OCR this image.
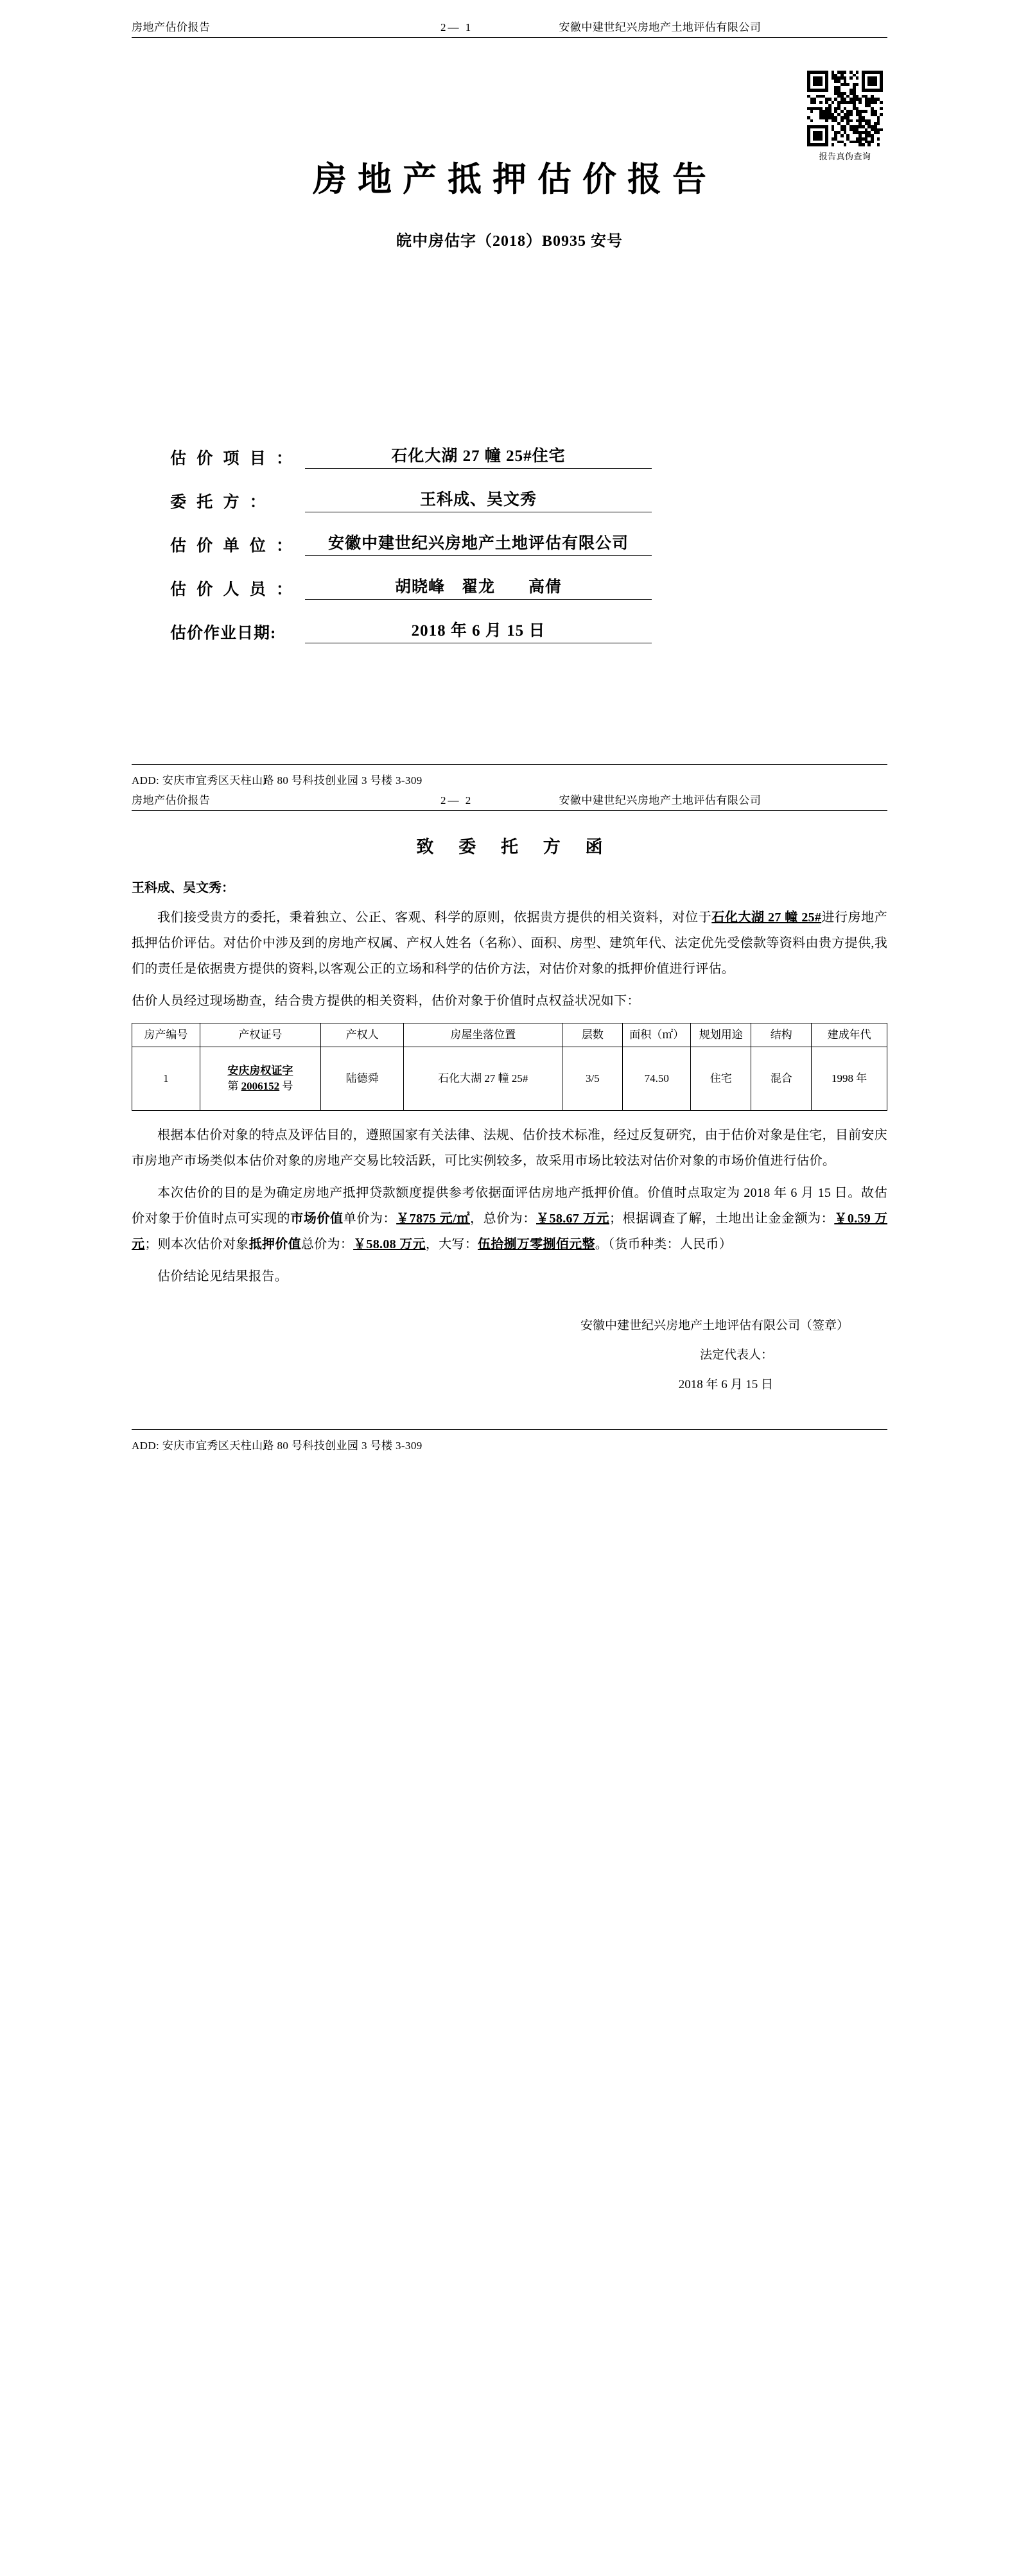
房地产估价报告	2— 1	安徽中建世纪兴房地产土地评估有限公司
报告真伪查询
房地产抵押估价报告
皖中房估字（2018）B0935 安号
估 价 项 目 ：	石化大湖 27 幢 25#住宅
委 托 方 ：	王科成、吴文秀
估 价 单 位 ：	安徽中建世纪兴房地产土地评估有限公司
估 价 人 员 ：	胡晓峰　翟龙　　高倩
估价作业日期:	2018 年 6 月 15 日
ADD: 安庆市宜秀区天柱山路 80 号科技创业园 3 号楼 3-309
房地产估价报告	2— 2	安徽中建世纪兴房地产土地评估有限公司
致 委 托 方 函
王科成、吴文秀：

我们接受贵方的委托，秉着独立、公正、客观、科学的原则，依据贵方提供的相关资料，对位于石化大湖 27 幢 25#进行房地产抵押估价评估。对估价中涉及到的房地产权属、产权人姓名（名称）、面积、房型、建筑年代、法定优先受偿款等资料由贵方提供,我们的责任是依据贵方提供的资料,以客观公正的立场和科学的估价方法，对估价对象的抵押价值进行评估。

估价人员经过现场勘查，结合贵方提供的相关资料，估价对象于价值时点权益状况如下：

房产编号	产权证号	产权人	房屋坐落位置	层数	面积（㎡）	规划用途	结构	建成年代
1	安庆房权证字
第 2006152 号	陆德舜	石化大湖 27 幢 25#	3/5	74.50	住宅	混合	1998 年

根据本估价对象的特点及评估目的，遵照国家有关法律、法规、估价技术标准，经过反复研究，由于估价对象是住宅，目前安庆市房地产市场类似本估价对象的房地产交易比较活跃，可比实例较多，故采用市场比较法对估价对象的市场价值进行估价。

本次估价的目的是为确定房地产抵押贷款额度提供参考依据面评估房地产抵押价值。价值时点取定为 2018 年 6 月 15 日。故估价对象于价值时点可实现的市场价值单价为：￥7875 元/㎡，总价为：￥58.67 万元；根据调查了解，土地出让金金额为：￥0.59 万元；则本次估价对象抵押价值总价为：￥58.08 万元，大写：伍拾捌万零捌佰元整。（货币种类：人民币）

估价结论见结果报告。

安徽中建世纪兴房地产土地评估有限公司（签章）
法定代表人：
2018 年 6 月 15 日
ADD: 安庆市宜秀区天柱山路 80 号科技创业园 3 号楼 3-309
